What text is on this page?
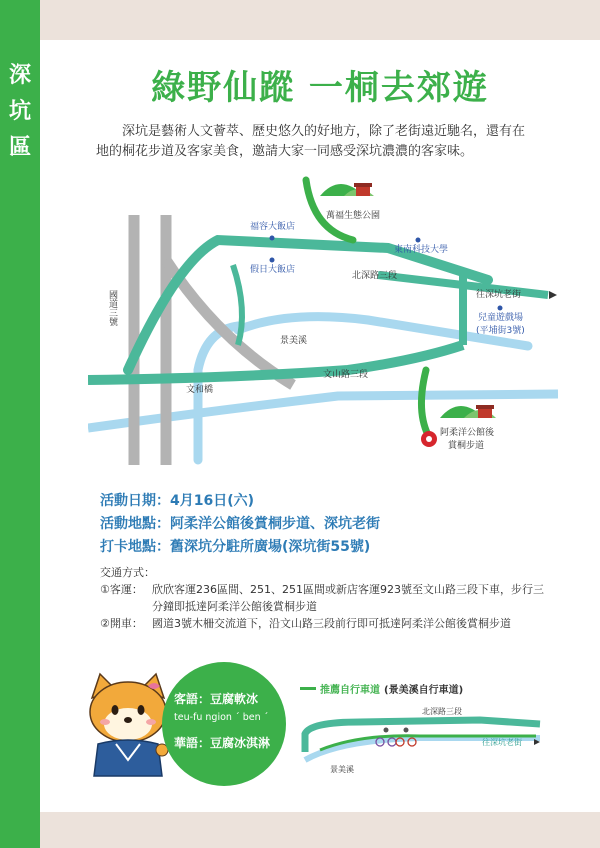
深
坑
區
綠野仙蹤 一桐去郊遊
深坑是藝術人文薈萃、歷史悠久的好地方，除了老街遠近馳名，還有在地的桐花步道及客家美食，邀請大家一同感受深坑濃濃的客家味。
國道三號
萬福生態公園
福容大飯店
假日大飯店
東南科技大學
北深路三段
往深坑老街
兒童遊戲場
(平埔街3號)
景美溪
文山路三段
文和橋
阿柔洋公館後
賞桐步道
活動日期：4月16日(六)
活動地點：阿柔洋公館後賞桐步道、深坑老街
打卡地點：舊深坑分駐所廣場(深坑街55號)
交通方式：
①客運： 欣欣客運236區間、251、251區間或新店客運923號至文山路三段下車，步行三分鐘即抵達阿柔洋公館後賞桐步道
②開車： 國道3號木柵交流道下，沿文山路三段前行即可抵達阿柔洋公館後賞桐步道
客語：豆腐軟冰
teu-fu ngion ˊ ben ˊ
華語：豆腐冰淇淋
推薦自行車道 (景美溪自行車道)
北深路三段
往深坑老街
景美溪
